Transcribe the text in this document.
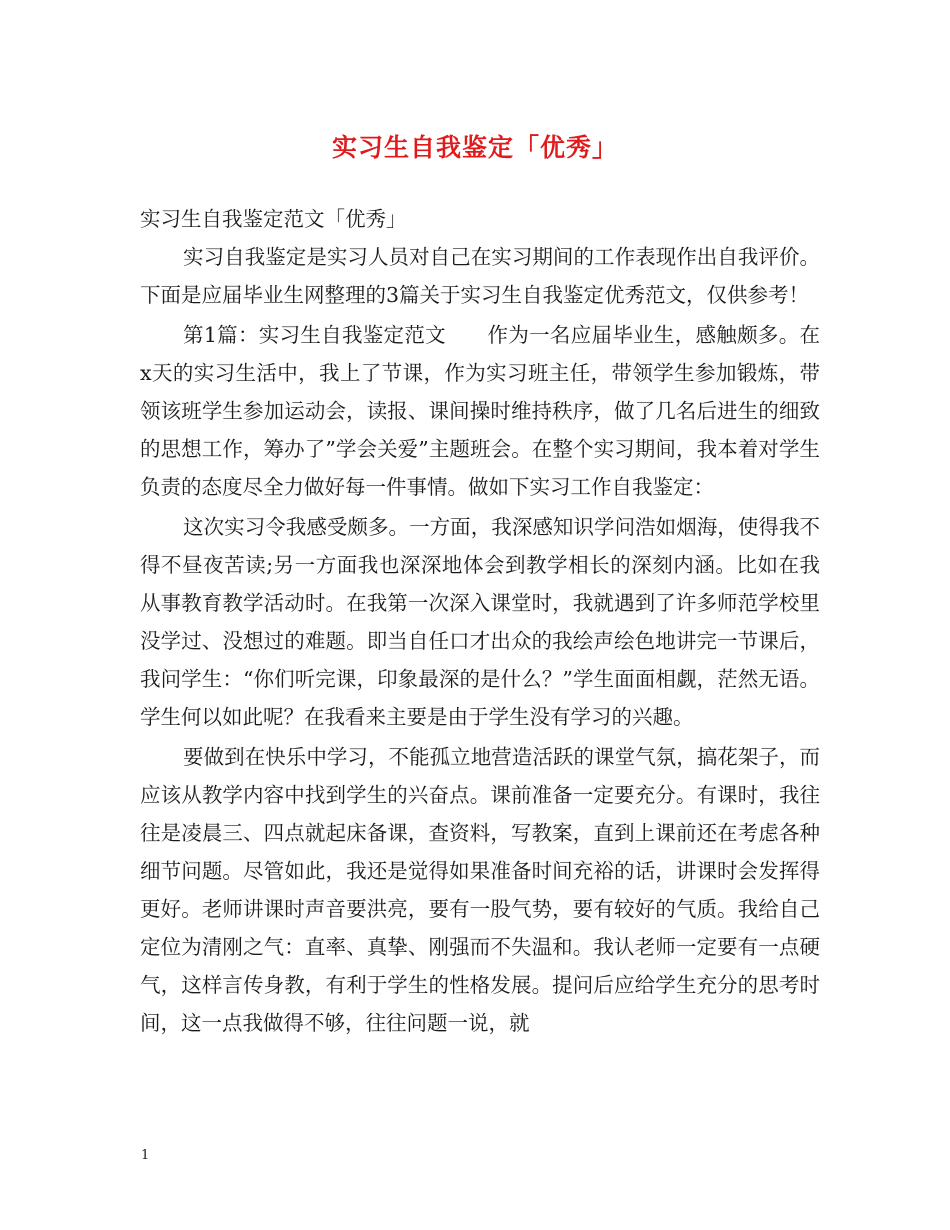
实习生自我鉴定「优秀」

实习生自我鉴定范文「优秀」

实习自我鉴定是实习人员对自己在实习期间的工作表现作出自我评价。下面是应届毕业生网整理的3篇关于实习生自我鉴定优秀范文，仅供参考！

第1篇：实习生自我鉴定范文　　作为一名应届毕业生，感触颇多。在x天的实习生活中，我上了节课，作为实习班主任，带领学生参加锻炼，带领该班学生参加运动会，读报、课间操时维持秩序，做了几名后进生的细致的思想工作，筹办了”学会关爱”主题班会。在整个实习期间，我本着对学生负责的态度尽全力做好每一件事情。做如下实习工作自我鉴定：

这次实习令我感受颇多。一方面，我深感知识学问浩如烟海，使得我不得不昼夜苦读;另一方面我也深深地体会到教学相长的深刻内涵。比如在我从事教育教学活动时。在我第一次深入课堂时，我就遇到了许多师范学校里没学过、没想过的难题。即当自任口才出众的我绘声绘色地讲完一节课后，我问学生：“你们听完课，印象最深的是什么？”学生面面相觑，茫然无语。学生何以如此呢？在我看来主要是由于学生没有学习的兴趣。

要做到在快乐中学习，不能孤立地营造活跃的课堂气氛，搞花架子，而应该从教学内容中找到学生的兴奋点。课前准备一定要充分。有课时，我往往是凌晨三、四点就起床备课，查资料，写教案，直到上课前还在考虑各种细节问题。尽管如此，我还是觉得如果准备时间充裕的话，讲课时会发挥得更好。老师讲课时声音要洪亮，要有一股气势，要有较好的气质。我给自己定位为清刚之气：直率、真挚、刚强而不失温和。我认老师一定要有一点硬气，这样言传身教，有利于学生的性格发展。提问后应给学生充分的思考时间，这一点我做得不够，往往问题一说，就

1
